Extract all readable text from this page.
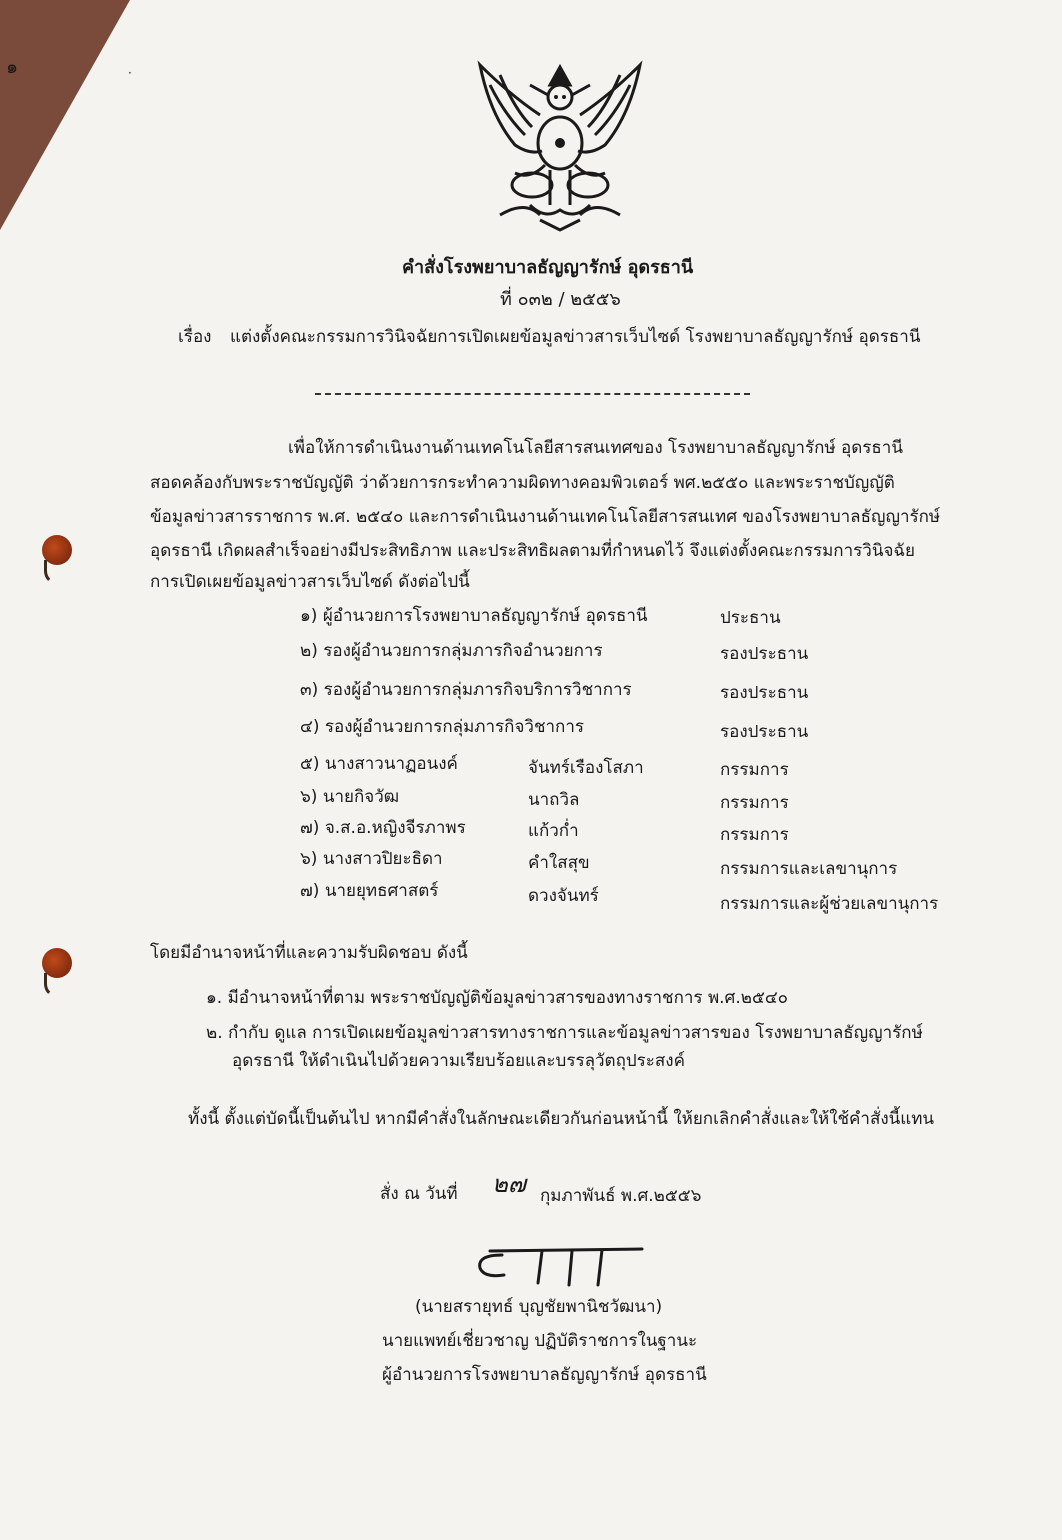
๑	·
คำสั่งโรงพยาบาลธัญญารักษ์ อุดรธานี
ที่ ๐๓๒ / ๒๕๕๖
เรื่อง แต่งตั้งคณะกรรมการวินิจฉัยการเปิดเผยข้อมูลข่าวสารเว็บไซด์ โรงพยาบาลธัญญารักษ์ อุดรธานี
เพื่อให้การดำเนินงานด้านเทคโนโลยีสารสนเทศของ โรงพยาบาลธัญญารักษ์ อุดรธานี
สอดคล้องกับพระราชบัญญัติ ว่าด้วยการกระทำความผิดทางคอมพิวเตอร์ พศ.๒๕๕๐ และพระราชบัญญัติ
ข้อมูลข่าวสารราชการ พ.ศ. ๒๕๔๐ และการดำเนินงานด้านเทคโนโลยีสารสนเทศ ของโรงพยาบาลธัญญารักษ์
อุดรธานี เกิดผลสำเร็จอย่างมีประสิทธิภาพ และประสิทธิผลตามที่กำหนดไว้ จึงแต่งตั้งคณะกรรมการวินิจฉัย
การเปิดเผยข้อมูลข่าวสารเว็บไซด์ ดังต่อไปนี้
๑) ผู้อำนวยการโรงพยาบาลธัญญารักษ์ อุดรธานี	ประธาน
๒) รองผู้อำนวยการกลุ่มภารกิจอำนวยการ	รองประธาน
๓) รองผู้อำนวยการกลุ่มภารกิจบริการวิชาการ	รองประธาน
๔) รองผู้อำนวยการกลุ่มภารกิจวิชาการ	รองประธาน
๕) นางสาวนาฏอนงค์	จันทร์เรืองโสภา	กรรมการ
๖) นายกิจวัฒ	นาถวิล	กรรมการ
๗) จ.ส.อ.หญิงจีรภาพร	แก้วก่ำ	กรรมการ
๖) นางสาวปิยะธิดา	คำใสสุข	กรรมการและเลขานุการ
๗) นายยุทธศาสตร์	ดวงจันทร์	กรรมการและผู้ช่วยเลขานุการ
โดยมีอำนาจหน้าที่และความรับผิดชอบ ดังนี้
๑. มีอำนาจหน้าที่ตาม พระราชบัญญัติข้อมูลข่าวสารของทางราชการ พ.ศ.๒๕๔๐
๒. กำกับ ดูแล การเปิดเผยข้อมูลข่าวสารทางราชการและข้อมูลข่าวสารของ โรงพยาบาลธัญญารักษ์
อุดรธานี ให้ดำเนินไปด้วยความเรียบร้อยและบรรลุวัตถุประสงค์
ทั้งนี้ ตั้งแต่บัดนี้เป็นต้นไป หากมีคำสั่งในลักษณะเดียวกันก่อนหน้านี้ ให้ยกเลิกคำสั่งและให้ใช้คำสั่งนี้แทน
สั่ง ณ วันที่ ๒๗ กุมภาพันธ์ พ.ศ.๒๕๕๖
(นายสรายุทธ์ บุญชัยพานิชวัฒนา)
นายแพทย์เชี่ยวชาญ ปฏิบัติราชการในฐานะ
ผู้อำนวยการโรงพยาบาลธัญญารักษ์ อุดรธานี
